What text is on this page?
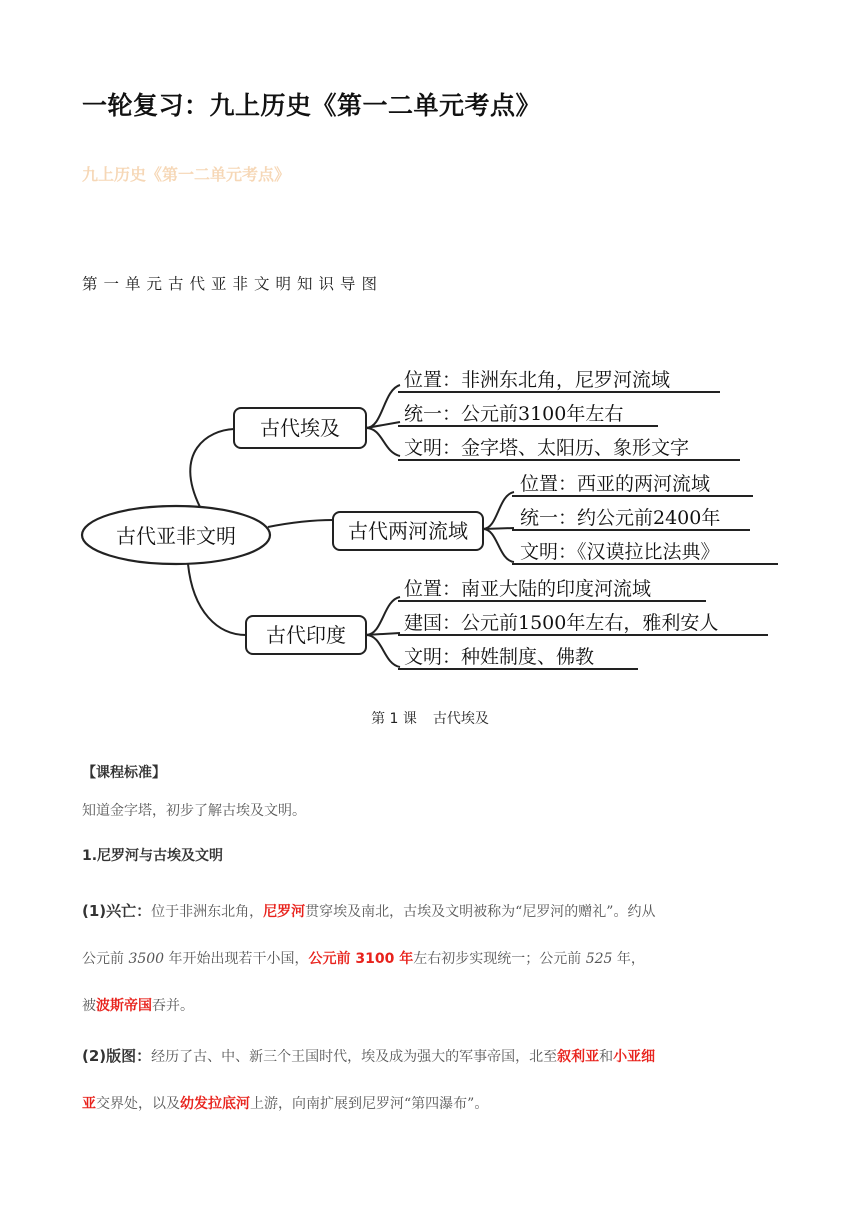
一轮复习：九上历史《第一二单元考点》
九上历史《第一二单元考点》
第一单元古代亚非文明知识导图
古代亚非文明
古代埃及
位置：非洲东北角，尼罗河流域
统一：公元前3100年左右
文明：金字塔、太阳历、象形文字
古代两河流域
位置：西亚的两河流域
统一：约公元前2400年
文明：《汉谟拉比法典》
古代印度
位置：南亚大陆的印度河流域
建国：公元前1500年左右，雅利安人
文明：种姓制度、佛教
第 1 课 古代埃及
【课程标准】
知道金字塔，初步了解古埃及文明。
1.尼罗河与古埃及文明
(1)兴亡：位于非洲东北角，尼罗河贯穿埃及南北，古埃及文明被称为“尼罗河的赠礼”。约从
公元前 3500 年开始出现若干小国，公元前 3100 年左右初步实现统一；公元前 525 年，
被波斯帝国吞并。
(2)版图：经历了古、中、新三个王国时代，埃及成为强大的军事帝国，北至叙利亚和小亚细
亚交界处，以及幼发拉底河上游，向南扩展到尼罗河“第四瀑布”。
